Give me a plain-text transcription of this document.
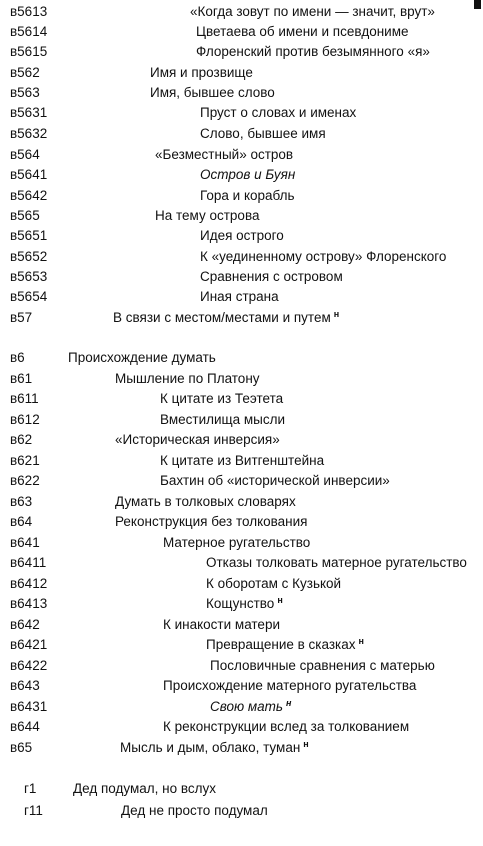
в5613	«Когда зовут по имени — значит, врут»
в5614	Цветаева об имени и псевдониме
в5615	Флоренский против безымянного «я»
в562	Имя и прозвище
в563	Имя, бывшее слово
в5631	Пруст о словах и именах
в5632	Слово, бывшее имя
в564	«Безместный» остров
в5641	Остров и Буян
в5642	Гора и корабль
в565	На тему острова
в5651	Идея острого
в5652	К «уединенному острову» Флоренского
в5653	Сравнения с островом
в5654	Иная страна
в57	В связи с местом/местами и путем $^н$
в6	Происхождение думать
в61	Мышление по Платону
в611	К цитате из Теэтета
в612	Вместилища мысли
в62	«Историческая инверсия»
в621	К цитате из Витгенштейна
в622	Бахтин об «исторической инверсии»
в63	Думать в толковых словарях
в64	Реконструкция без толкования
в641	Матерное ругательство
в6411	Отказы толковать матерное ругательство
в6412	К оборотам с Кузькой
в6413	Кощунство $^н$
в642	К инакости матери
в6421	Превращение в сказках $^н$
в6422	Пословичные сравнения с матерью
в643	Происхождение матерного ругательства
в6431	Свою мать $^н$
в644	К реконструкции вслед за толкованием
в65	Мысль и дым, облако, туман $^н$
г1	Дед подумал, но вслух
г11	Дед не просто подумал
